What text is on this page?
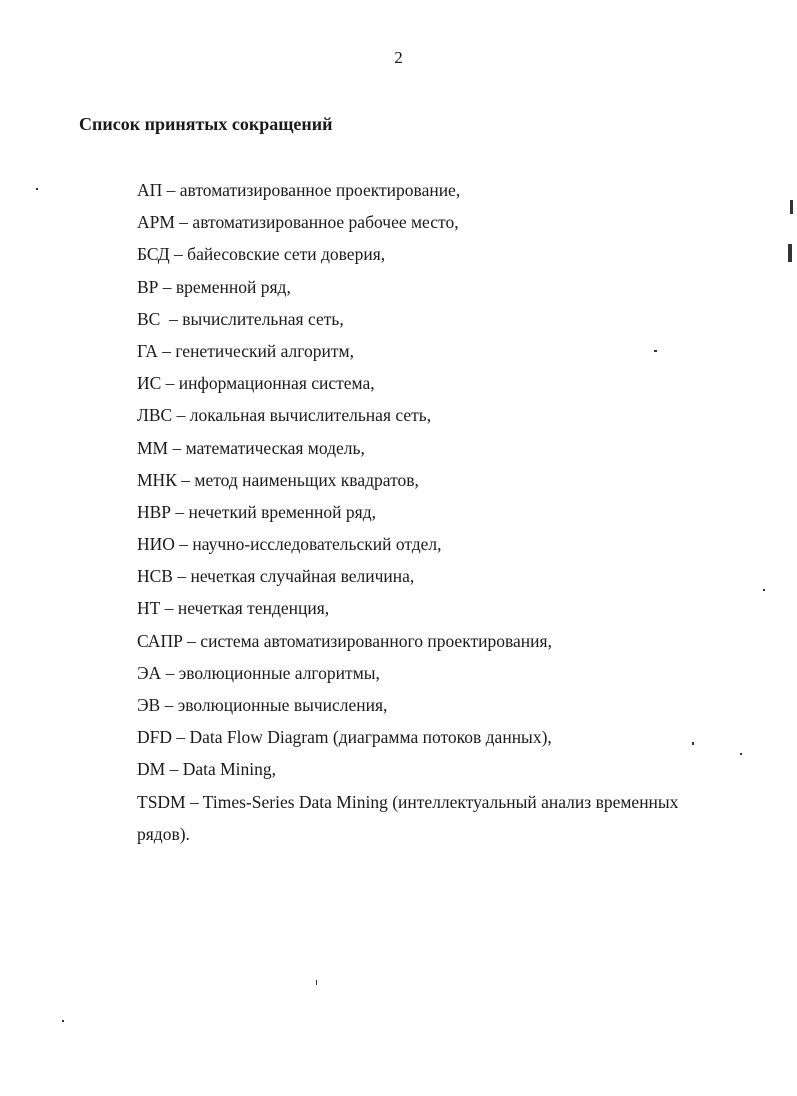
2
Список принятых сокращений
АП – автоматизированное проектирование,
АРМ – автоматизированное рабочее место,
БСД – байесовские сети доверия,
ВР – временной ряд,
ВС  – вычислительная сеть,
ГА – генетический алгоритм,
ИС – информационная система,
ЛВС – локальная вычислительная сеть,
ММ – математическая модель,
МНК – метод наименьщих квадратов,
НВР – нечеткий временной ряд,
НИО – научно-исследовательский отдел,
НСВ – нечеткая случайная величина,
НТ – нечеткая тенденция,
САПР – система автоматизированного проектирования,
ЭА – эволюционные алгоритмы,
ЭВ – эволюционные вычисления,
DFD – Data Flow Diagram (диаграмма потоков данных),
DM – Data Mining,
TSDM – Times-Series Data Mining (интеллектуальный анализ временных
рядов).
